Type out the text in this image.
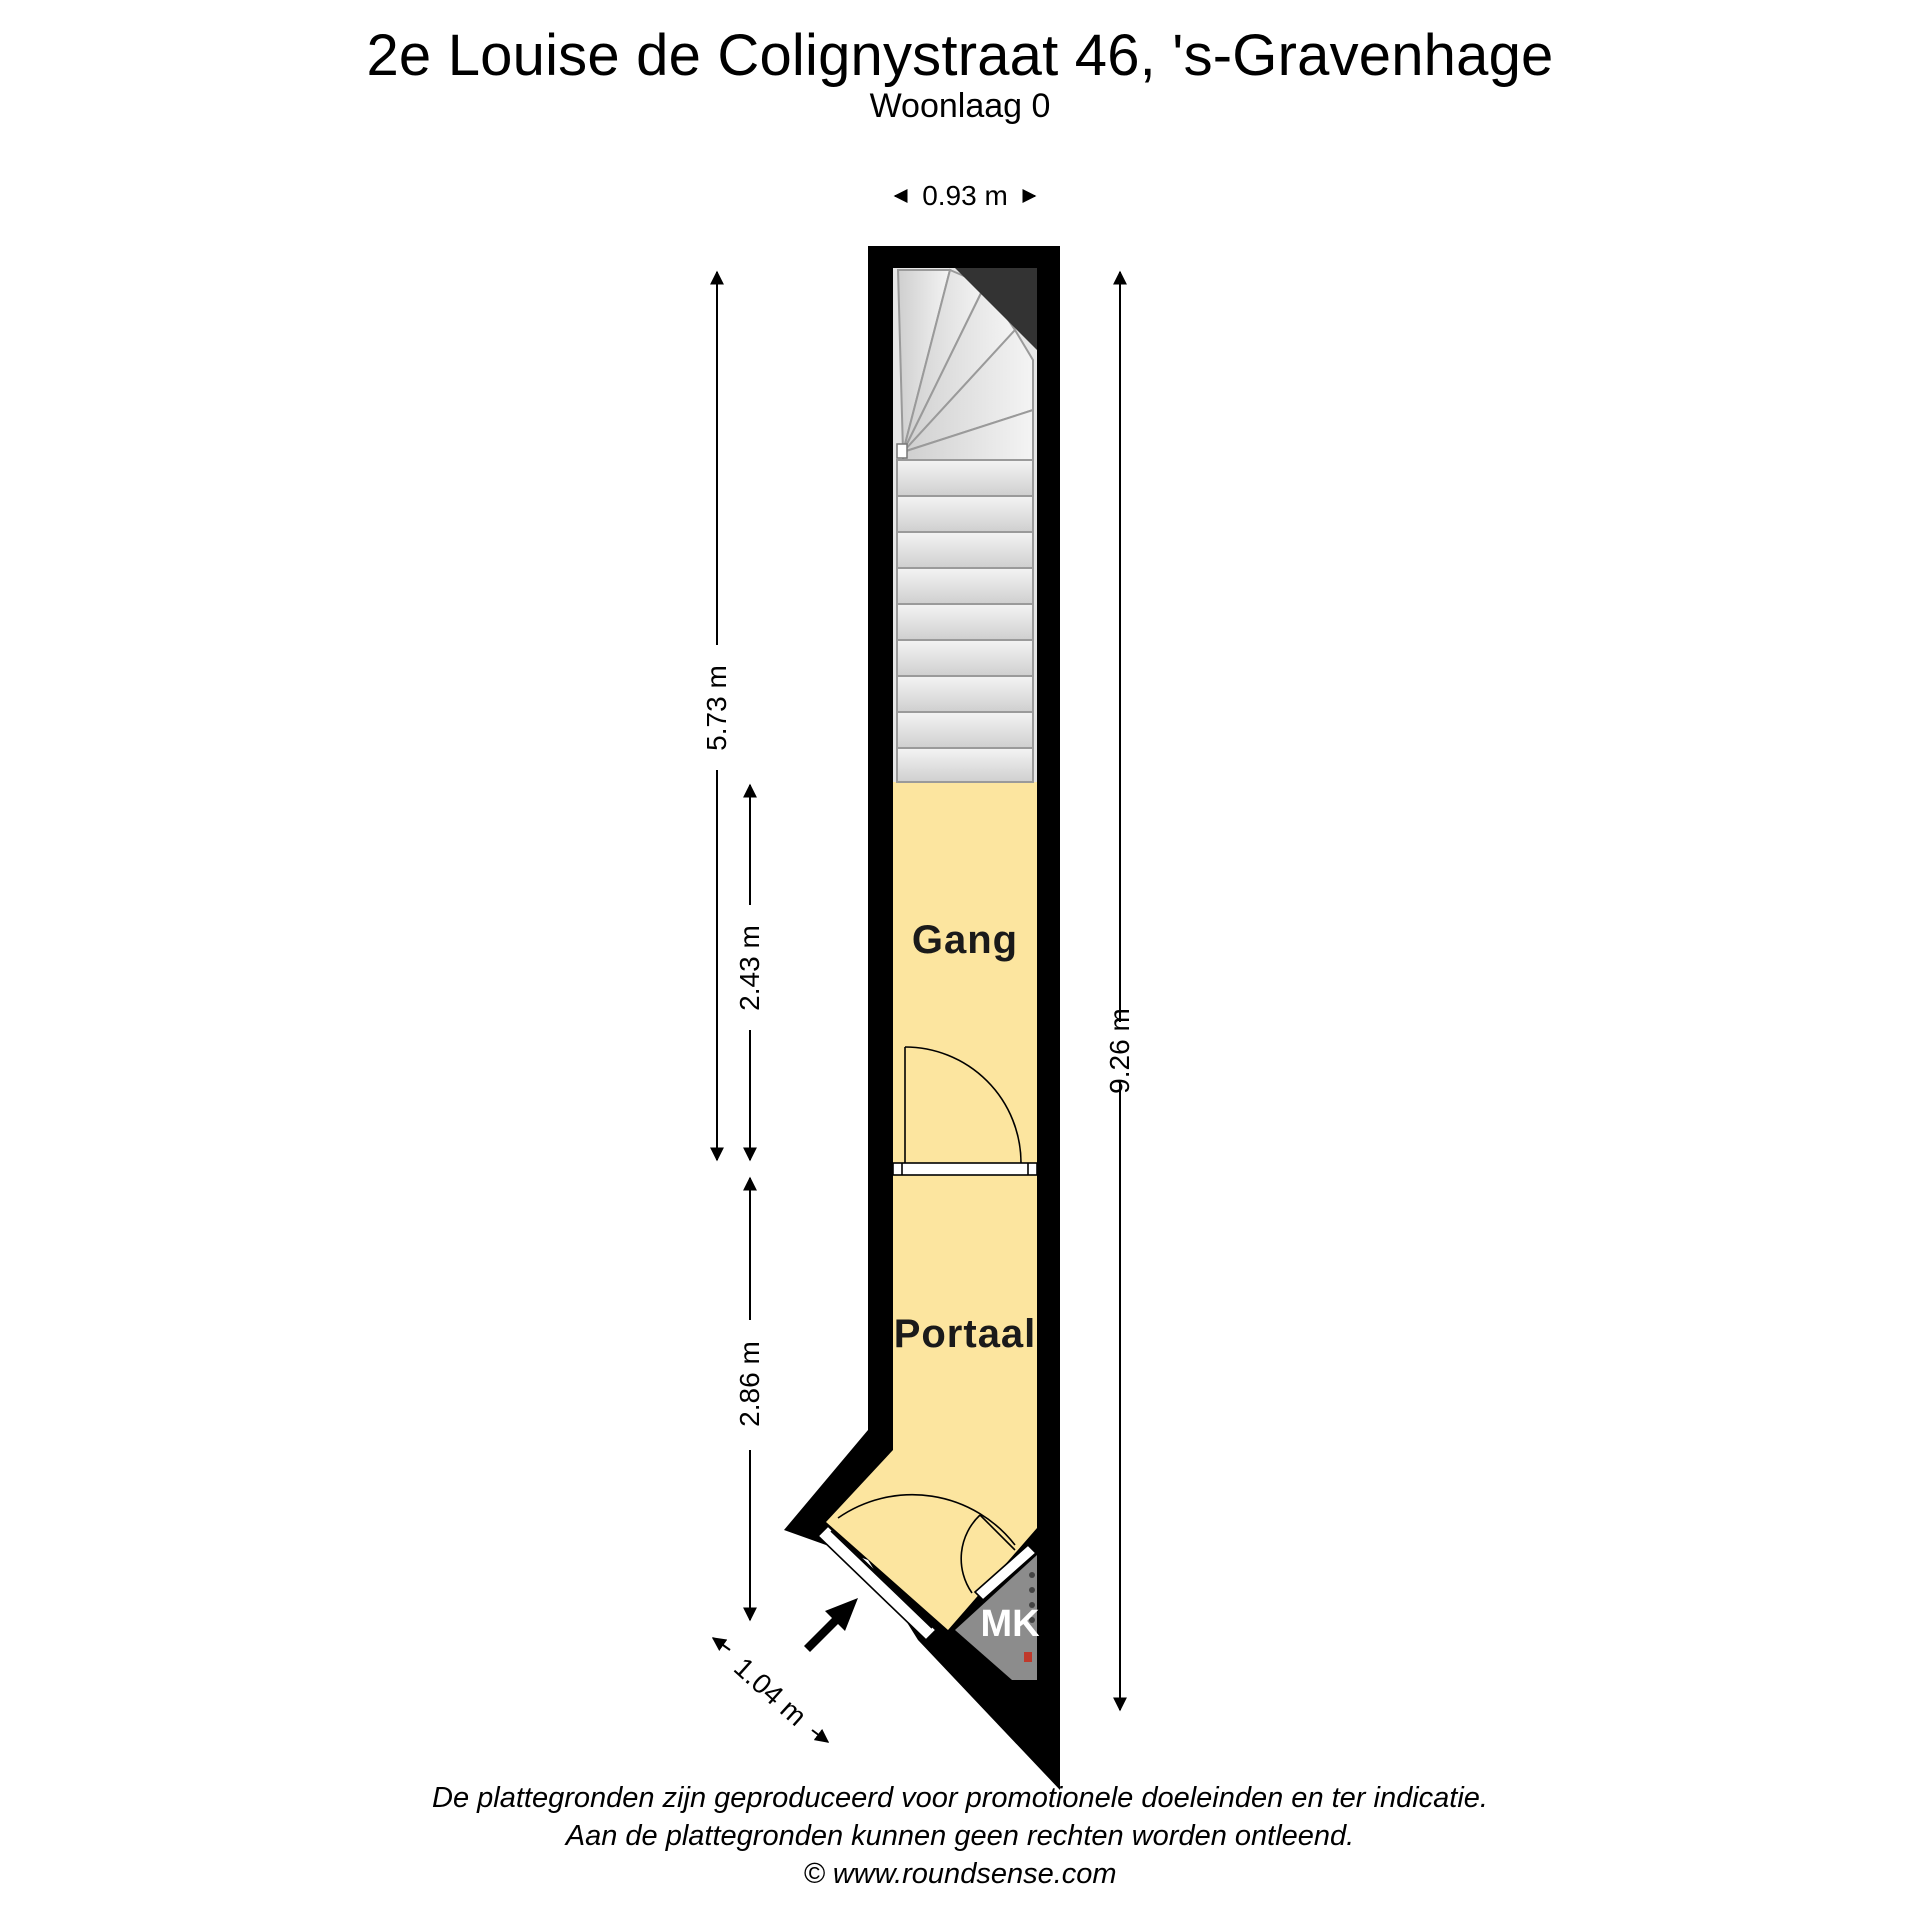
2e Louise de Colignystraat 46, 's-Gravenhage
Woonlaag 0
Gang
Portaal
MK
0.93 m
9.26 m
5.73 m
2.43 m
2.86 m
1.04 m
De plattegronden zijn geproduceerd voor promotionele doeleinden en ter indicatie.
Aan de plattegronden kunnen geen rechten worden ontleend.
© www.roundsense.com
